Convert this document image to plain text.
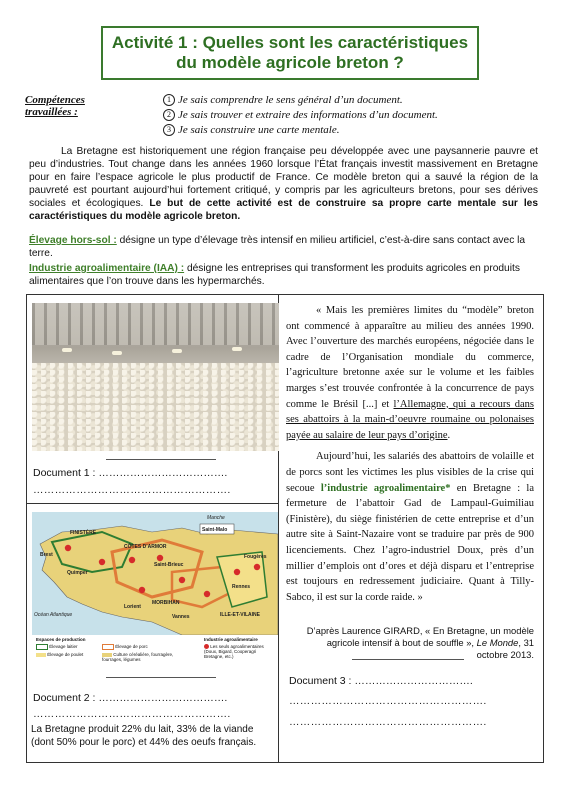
Activité 1 : Quelles sont les caractéristiques
du modèle agricole breton ?
Compétences travaillées :
1 Je sais comprendre le sens général d’un document.
2 Je sais trouver et extraire des informations d’un document.
3 Je sais construire une carte mentale.

La Bretagne est historiquement une région française peu développée avec une paysannerie pauvre et peu d’industries. Tout change dans les années 1960 lorsque l’État français investit massivement en Bretagne pour en faire l’espace agricole le plus productif de France. Ce modèle breton qui a sauvé la région de la pauvreté est pourtant aujourd’hui fortement critiqué, y compris par les agriculteurs bretons, pour ses dérives sociales et écologiques. Le but de cette activité est de construire sa propre carte mentale sur les caractéristiques du modèle agricole breton.

Élevage hors-sol : désigne un type d’élevage très intensif en milieu artificiel, c’est-à-dire sans contact avec la terre.
Industrie agroalimentaire (IAA) : désigne les entreprises qui transforment les produits agricoles en produits alimentaires que l’on trouve dans les hypermarchés.
Document 1 : ……………………………….
……………………………………………….
Brest
FINISTÈRE
CÔTES D’ARMOR
Manche
Saint-Brieuc
Saint-Malo
Quimper
Lorient
MORBIHAN
Vannes
Rennes
Fougères
ILLE-ET-VILAINE
Océan Atlantique
Espaces de production
Élevage laitier
Élevage de poulet
Élevage de porc
Culture céréalière, fourragère, fourrages, légumes
Industrie agroalimentaire
Les seuls agroalimentaires (Doux, Bigard, Cooperagri Bretagne, etc.)
Document 2 : ……………………………….
……………………………………………….
La Bretagne produit 22% du lait, 33% de la viande (dont 50% pour le porc) et 44% des oeufs français.

« Mais les premières limites du “modèle” breton ont commencé à apparaître au milieu des années 1990. Avec l’ouverture des marchés européens, négociée dans le cadre de l’Organisation mondiale du commerce, l’agriculture bretonne axée sur le volume et les faibles marges s’est trouvée confrontée à la concurrence de pays comme le Brésil [...] et l’Allemagne, qui a recours dans ses abattoirs à la main-d’oeuvre roumaine ou polonaises payée au salaire de leur pays d’origine.

Aujourd’hui, les salariés des abattoirs de volaille et de porcs sont les victimes les plus visibles de la crise qui secoue l’industrie agroalimentaire* en Bretagne : la fermeture de l’abattoir Gad de Lampaul-Guimiliau (Finistère), du siège finistérien de cette entreprise et d’un autre site à Saint-Nazaire vont se traduire par près de 900 licenciements. Chez l’agro-industriel Doux, près d’un millier d’emplois ont d’ores et déjà disparu et l’entreprise est toujours en redressement judiciaire. Quant à Tilly-Sabco, il est sur la corde raide. »

D’après Laurence GIRARD, « En Bretagne, un modèle agricole intensif à bout de souffle », Le Monde, 31 octobre 2013.
Document 3 : …………………………….
……………………………………………….
……………………………………………….
